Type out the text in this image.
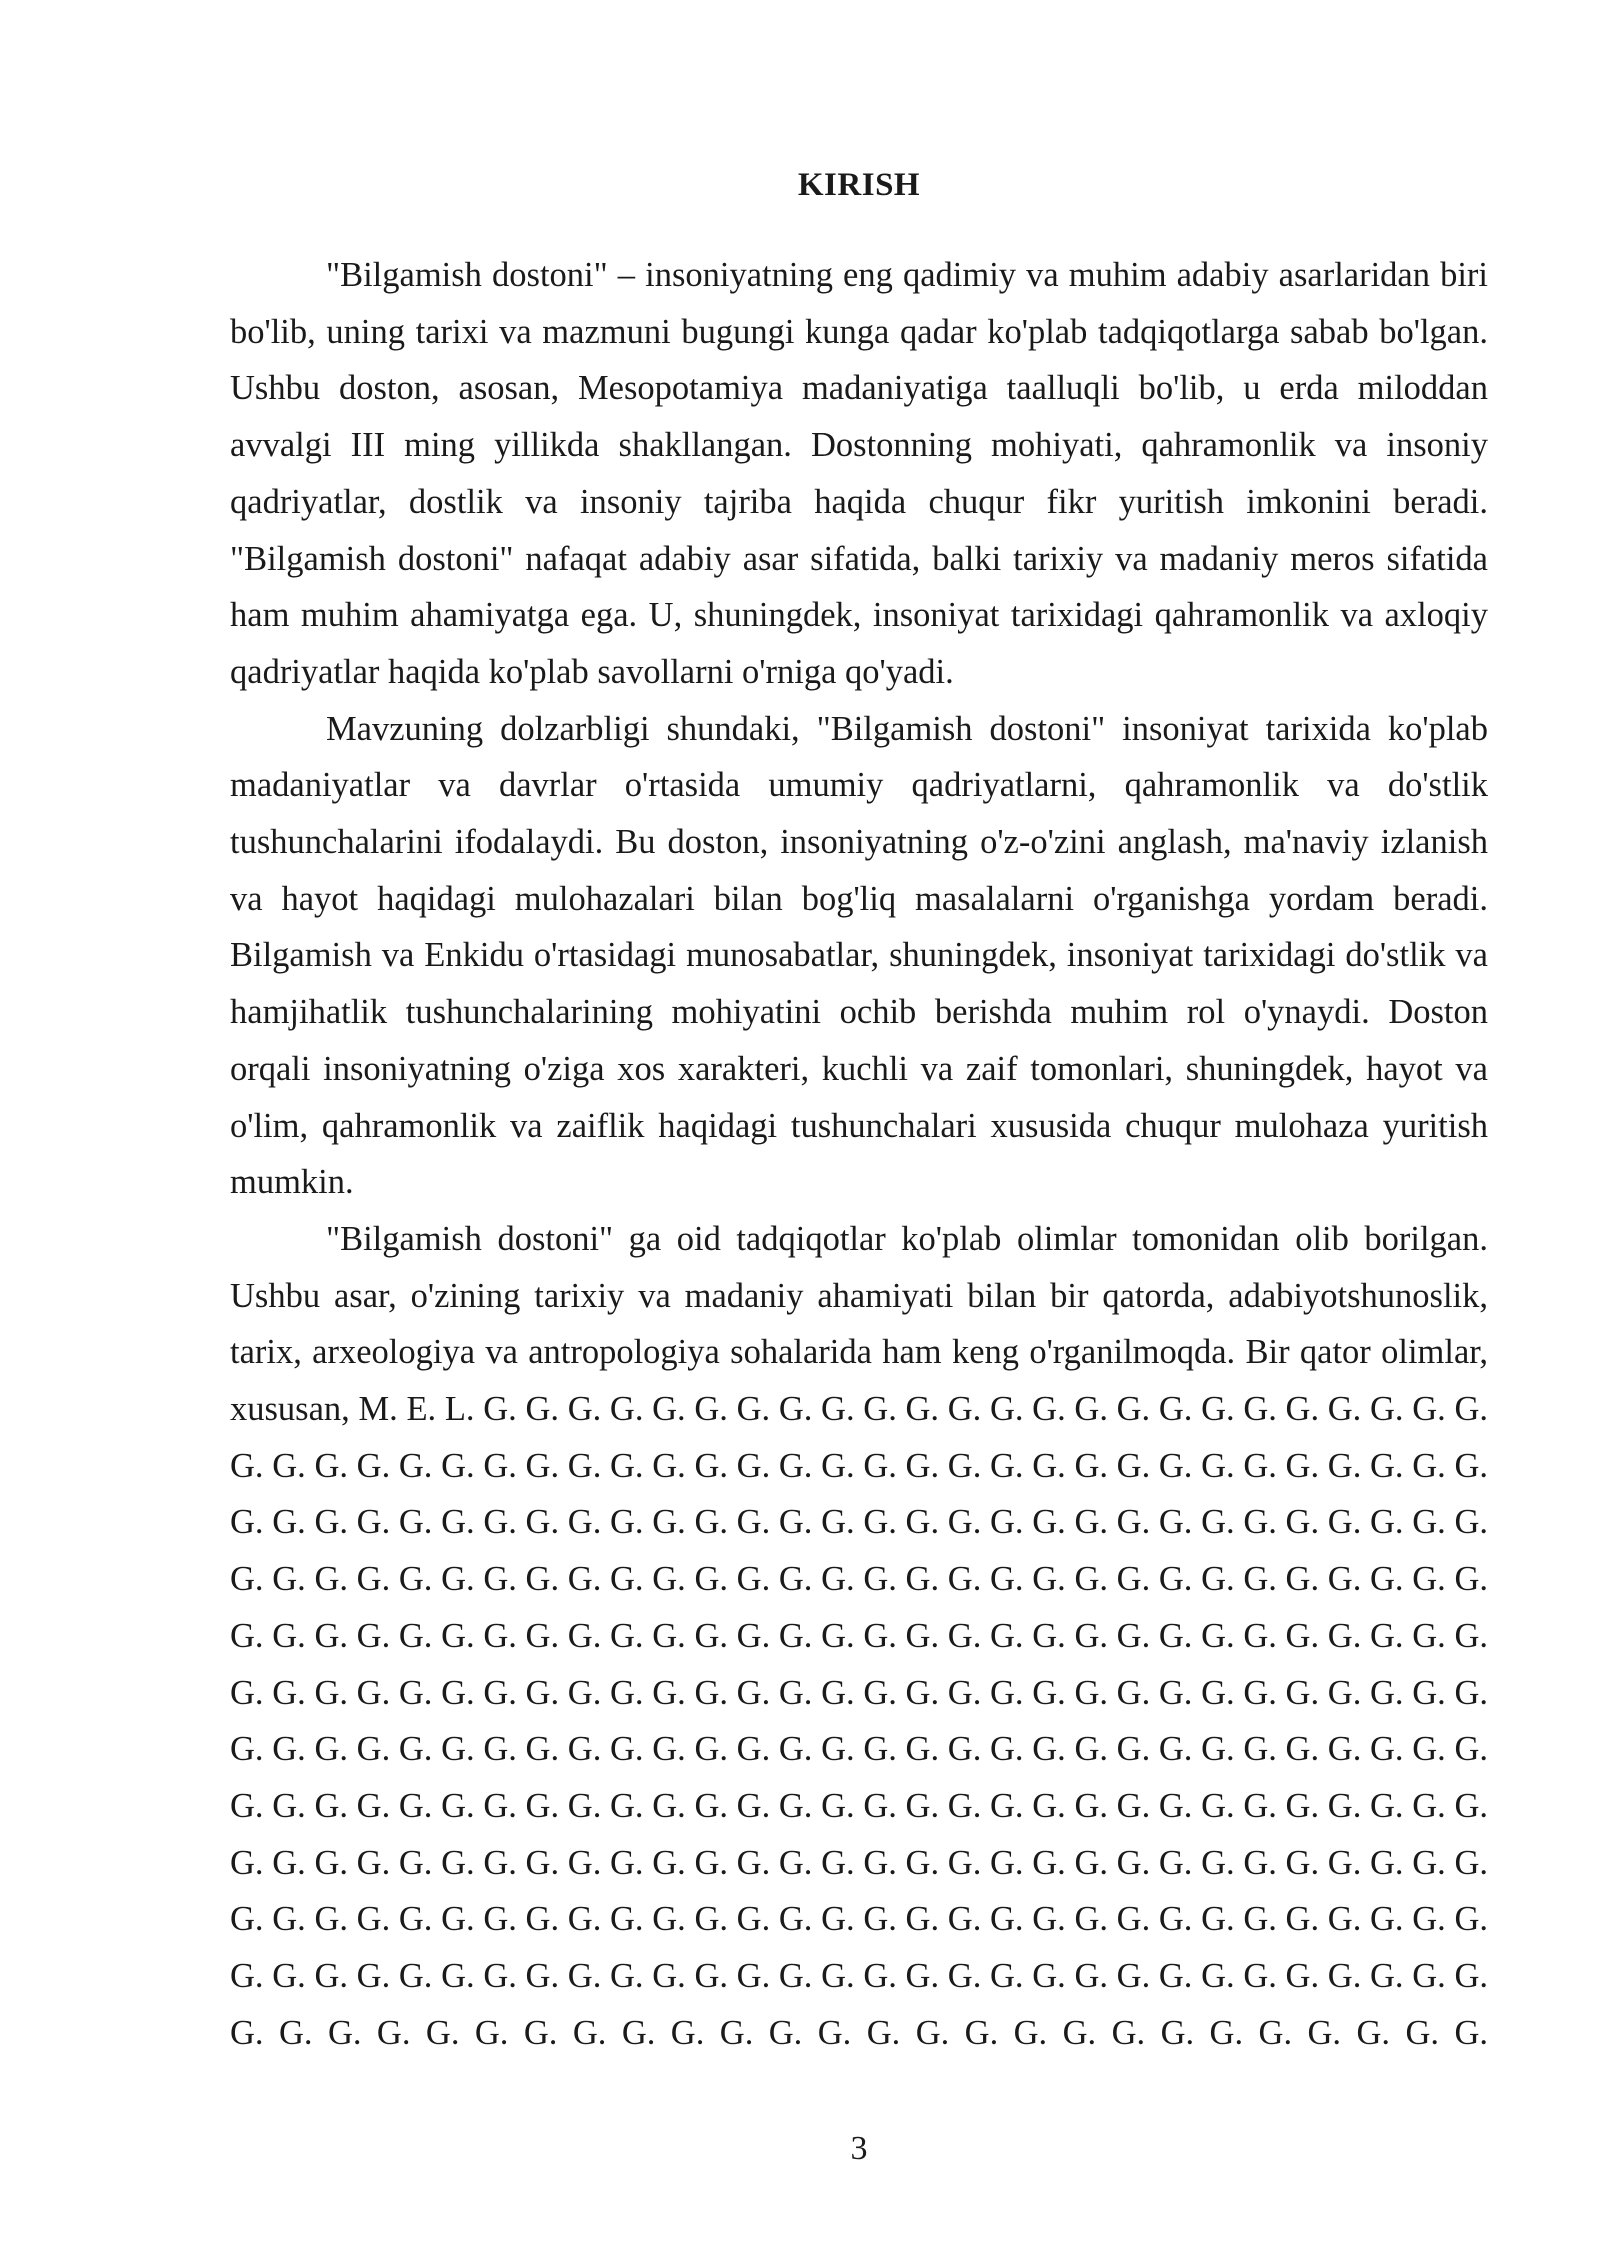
KIRISH

"Bilgamish dostoni" – insoniyatning eng qadimiy va muhim adabiy asarlaridan biri bo'lib, uning tarixi va mazmuni bugungi kunga qadar ko'plab tadqiqotlarga sabab bo'lgan. Ushbu doston, asosan, Mesopotamiya madaniyatiga taalluqli bo'lib, u erda miloddan avvalgi III ming yillikda shakllangan. Dostonning mohiyati, qahramonlik va insoniy qadriyatlar, dostlik va insoniy tajriba haqida chuqur fikr yuritish imkonini beradi. "Bilgamish dostoni" nafaqat adabiy asar sifatida, balki tarixiy va madaniy meros sifatida ham muhim ahamiyatga ega. U, shuningdek, insoniyat tarixidagi qahramonlik va axloqiy qadriyatlar haqida ko'plab savollarni o'rniga qo'yadi.

Mavzuning dolzarbligi shundaki, "Bilgamish dostoni" insoniyat tarixida ko'plab madaniyatlar va davrlar o'rtasida umumiy qadriyatlarni, qahramonlik va do'stlik tushunchalarini ifodalaydi. Bu doston, insoniyatning o'z-o'zini anglash, ma'naviy izlanish va hayot haqidagi mulohazalari bilan bog'liq masalalarni o'rganishga yordam beradi. Bilgamish va Enkidu o'rtasidagi munosabatlar, shuningdek, insoniyat tarixidagi do'stlik va hamjihatlik tushunchalarining mohiyatini ochib berishda muhim rol o'ynaydi. Doston orqali insoniyatning o'ziga xos xarakteri, kuchli va zaif tomonlari, shuningdek, hayot va o'lim, qahramonlik va zaiflik haqidagi tushunchalari xususida chuqur mulohaza yuritish mumkin.

"Bilgamish dostoni" ga oid tadqiqotlar ko'plab olimlar tomonidan olib borilgan. Ushbu asar, o'zining tarixiy va madaniy ahamiyati bilan bir qatorda, adabiyotshunoslik, tarix, arxeologiya va antropologiya sohalarida ham keng o'rganilmoqda. Bir qator olimlar, xususan, M. E. L. G. G. G. G. G. G. G. G. G. G. G. G. G. G. G. G. G. G. G. G. G. G. G. G. G. G. G. G. G. G. G. G. G. G. G. G. G. G. G. G. G. G. G. G. G. G. G. G. G. G. G. G. G. G. G. G. G. G. G. G. G. G. G. G. G. G. G. G. G. G. G. G. G. G. G. G. G. G. G. G. G. G. G. G. G. G. G. G. G. G. G. G. G. G. G. G. G. G. G. G. G. G. G. G. G. G. G. G. G. G. G. G. G. G. G. G. G. G. G. G. G. G. G. G. G. G. G. G. G. G. G. G. G. G. G. G. G. G. G. G. G. G. G. G. G. G. G. G. G. G. G. G. G. G. G. G. G. G. G. G. G. G. G. G. G. G. G. G. G. G. G. G. G. G. G. G. G. G. G. G. G. G. G. G. G. G. G. G. G. G. G. G. G. G. G. G. G. G. G. G. G. G. G. G. G. G. G. G. G. G. G. G. G. G. G. G. G. G. G. G. G. G. G. G. G. G. G. G. G. G. G. G. G. G. G. G. G. G. G. G. G. G. G. G. G. G. G. G. G. G. G. G. G. G. G. G. G. G. G. G. G. G. G. G. G. G. G. G. G. G. G. G. G. G. G. G. G. G. G. G. G. G. G. G. G. G. G. G. G. G. G. G. G. G. G. G. G. G. G. G. G. G. G. G. G. G. G. G. G. G. G. G. G. G. G. G. G. G. G. G. G. G. G. G. G. G. G. G. G. G. G. G. G. G. G. G. G. G. G. G. G. G. G. G. G. G. G. G. G. G.

3
